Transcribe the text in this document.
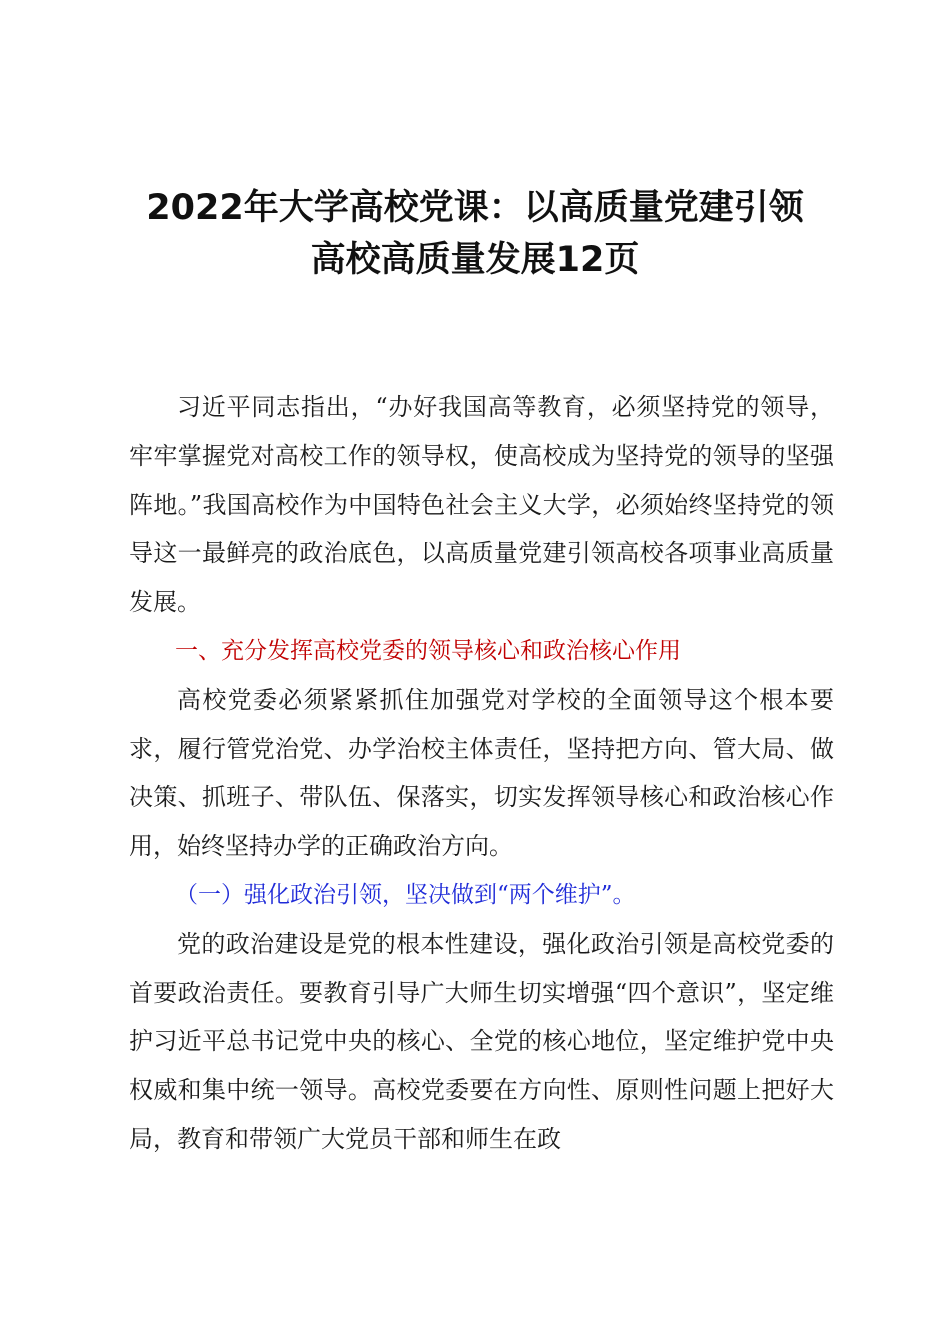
2022年大学高校党课：以高质量党建引领
高校高质量发展12页

习近平同志指出，“办好我国高等教育，必须坚持党的领导，牢牢掌握党对高校工作的领导权，使高校成为坚持党的领导的坚强阵地。”我国高校作为中国特色社会主义大学，必须始终坚持党的领导这一最鲜亮的政治底色，以高质量党建引领高校各项事业高质量发展。

一、充分发挥高校党委的领导核心和政治核心作用

高校党委必须紧紧抓住加强党对学校的全面领导这个根本要求，履行管党治党、办学治校主体责任，坚持把方向、管大局、做决策、抓班子、带队伍、保落实，切实发挥领导核心和政治核心作用，始终坚持办学的正确政治方向。

（一）强化政治引领，坚决做到“两个维护”。

党的政治建设是党的根本性建设，强化政治引领是高校党委的首要政治责任。要教育引导广大师生切实增强“四个意识”，坚定维护习近平总书记党中央的核心、全党的核心地位，坚定维护党中央权威和集中统一领导。高校党委要在方向性、原则性问题上把好大局，教育和带领广大党员干部和师生在政
